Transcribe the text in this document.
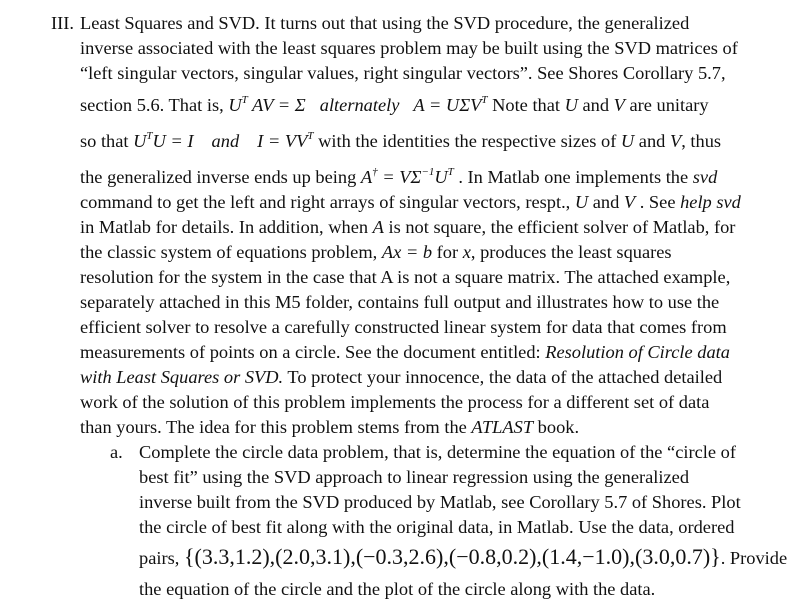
III. Least Squares and SVD. It turns out that using the SVD procedure, the generalized
inverse associated with the least squares problem may be built using the SVD matrices of
“left singular vectors, singular values, right singular vectors”. See Shores Corollary 5.7,
section 5.6. That is, $U^T$ AV = Σ alternately $A = U\Sigma V^T$ Note that U and V are unitary
so that $U^TU = I$ and $I = VV^T$ with the identities the respective sizes of U and V, thus
the generalized inverse ends up being $A^\dagger = V\Sigma^{-1}U^T$ . In Matlab one implements the svd
command to get the left and right arrays of singular vectors, respt., U and V . See help svd
in Matlab for details. In addition, when A is not square, the efficient solver of Matlab, for
the classic system of equations problem, Ax = b for x, produces the least squares
resolution for the system in the case that A is not a square matrix. The attached example,
separately attached in this M5 folder, contains full output and illustrates how to use the
efficient solver to resolve a carefully constructed linear system for data that comes from
measurements of points on a circle. See the document entitled: Resolution of Circle data
with Least Squares or SVD. To protect your innocence, the data of the attached detailed
work of the solution of this problem implements the process for a different set of data
than yours. The idea for this problem stems from the ATLAST book.
a. Complete the circle data problem, that is, determine the equation of the “circle of
best fit” using the SVD approach to linear regression using the generalized
inverse built from the SVD produced by Matlab, see Corollary 5.7 of Shores. Plot
the circle of best fit along with the original data, in Matlab. Use the data, ordered
pairs, {(3.3,1.2),(2.0,3.1),(−0.3,2.6),(−0.8,0.2),(1.4,−1.0),(3.0,0.7)}. Provide
the equation of the circle and the plot of the circle along with the data.
